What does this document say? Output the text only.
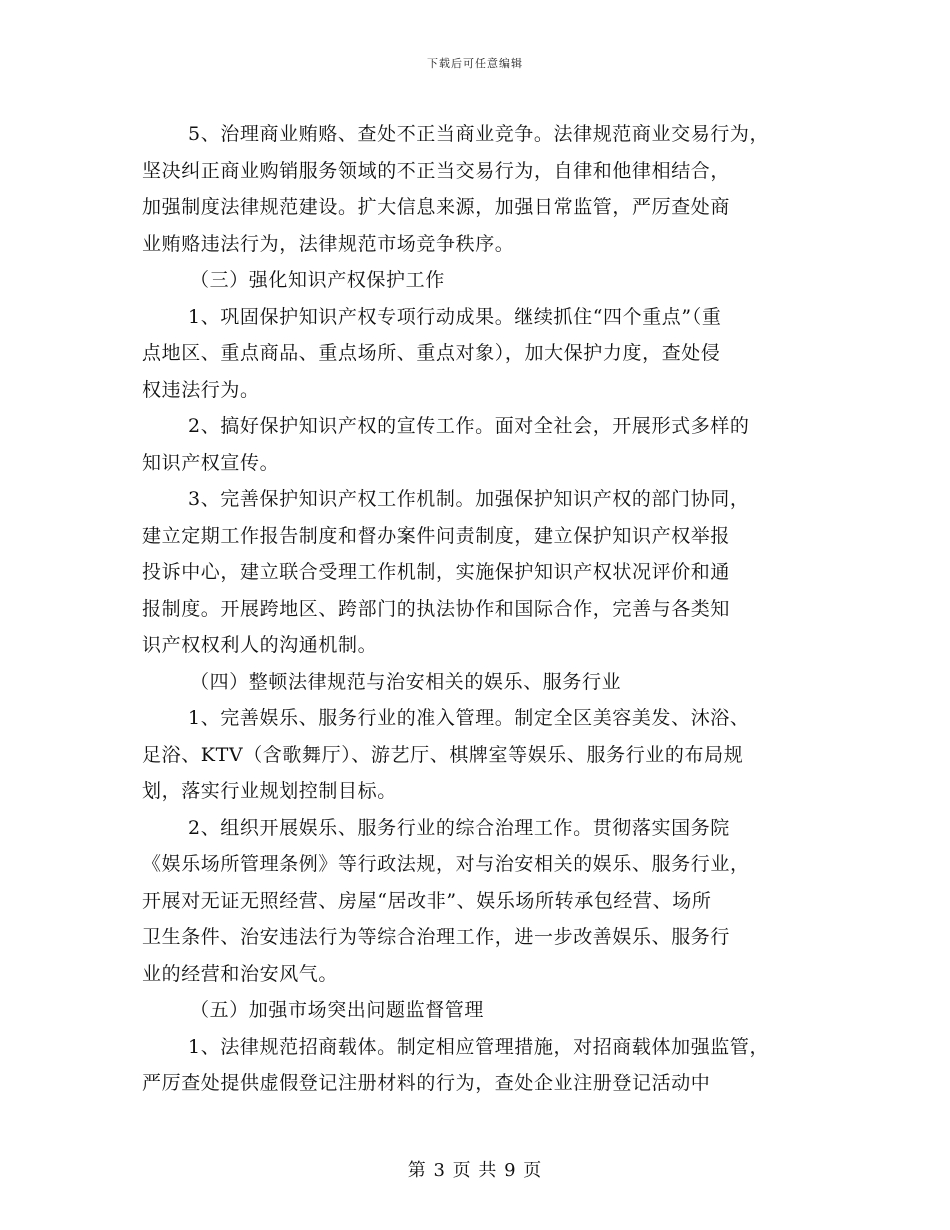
下载后可任意编辑
5、治理商业贿赂、查处不正当商业竞争。法律规范商业交易行为，
坚决纠正商业购销服务领域的不正当交易行为，自律和他律相结合，
加强制度法律规范建设。扩大信息来源，加强日常监管，严厉查处商
业贿赂违法行为，法律规范市场竞争秩序。
（三）强化知识产权保护工作
1、巩固保护知识产权专项行动成果。继续抓住“四个重点”（重
点地区、重点商品、重点场所、重点对象），加大保护力度，查处侵
权违法行为。
2、搞好保护知识产权的宣传工作。面对全社会，开展形式多样的
知识产权宣传。
3、完善保护知识产权工作机制。加强保护知识产权的部门协同，
建立定期工作报告制度和督办案件问责制度，建立保护知识产权举报
投诉中心，建立联合受理工作机制，实施保护知识产权状况评价和通
报制度。开展跨地区、跨部门的执法协作和国际合作，完善与各类知
识产权权利人的沟通机制。
（四）整顿法律规范与治安相关的娱乐、服务行业
1、完善娱乐、服务行业的准入管理。制定全区美容美发、沐浴、
足浴、KTV（含歌舞厅）、游艺厅、棋牌室等娱乐、服务行业的布局规
划，落实行业规划控制目标。
2、组织开展娱乐、服务行业的综合治理工作。贯彻落实国务院
《娱乐场所管理条例》等行政法规，对与治安相关的娱乐、服务行业，
开展对无证无照经营、房屋“居改非”、娱乐场所转承包经营、场所
卫生条件、治安违法行为等综合治理工作，进一步改善娱乐、服务行
业的经营和治安风气。
（五）加强市场突出问题监督管理
1、法律规范招商载体。制定相应管理措施，对招商载体加强监管，
严厉查处提供虚假登记注册材料的行为，查处企业注册登记活动中
第 3 页 共 9 页
